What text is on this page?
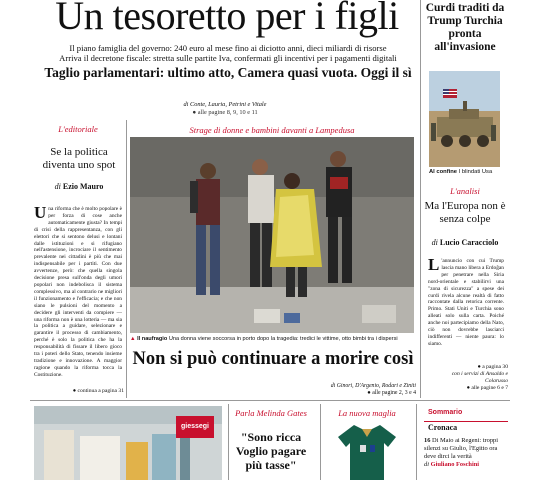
Un tesoretto per i figli
Il piano famiglia del governo: 240 euro al mese fino ai diciotto anni, dieci miliardi di risorse
Arriva il decretone fiscale: stretta sulle partite Iva, confermati gli incentivi per i pagamenti digitali
Taglio parlamentari: ultimo atto, Camera quasi vuota. Oggi il sì
di Conte, Lauria, Petrini e Vitale
● alle pagine 8, 9, 10 e 11
Curdi traditi da Trump Turchia pronta all'invasione
Al confine I blindati Usa
L'analisi
Ma l'Europa non è senza colpe
di Lucio Caracciolo
L 'annuncio con cui Trump lascia mano libera a Erdoğan per penetrare nella Siria nord-orientale e stabilirvi una "zona di sicurezza" a spese dei curdi rivela alcune realtà di fatto raccontate dalla retorica corrente. Primo. Stati Uniti e Turchia sono alleati solo sulla carta. Poiché anche noi partecipiamo della Nato, ciò non dovrebbe lasciarci indifferenti — niente paura: lo siamo.
● a pagina 30
con i servizi di Ansaldo e Colarusso
● alle pagine 6 e 7
L'editoriale
Se la politica diventa uno spot
di Ezio Mauro
U na riforma che è molto popolare è per forza di cose anche automaticamente giusta? In tempi di crisi della rappresentanza, con gli elettori che si sentono delusi e lontani dalle istituzioni e si rifugiano nell'astensione, incrociare il sentimento prevalente nei cittadini è più che mai indispensabile per i partiti. Con due avvertenze, però: che quella singola decisione presa sull'onda degli umori popolari non indebolisca il sistema complessivo, ma al contrario ne migliori il funzionamento e l'efficacia; e che non siano le pulsioni del momento a decidere gli interventi da compiere — una riforma non è una lotteria — ma sia la politica a guidare, selezionare e garantire il processo di cambiamento, perché è solo la politica che ha la responsabilità di fissare il libero gioco tra i poteri dello Stato, tenendo insieme tradizione e innovazione. A maggior ragione quando la riforma tocca la Costituzione.
● continua a pagina 31
Strage di donne e bambini davanti a Lampedusa
▲ Il naufragio Una donna viene soccorsa in porto dopo la tragedia: tredici le vittime, otto bimbi tra i dispersi
Non si può continuare a morire così
di Ginori, D'Argenio, Rodari e Ziniti
● alle pagine 2, 3 e 4
giessegi
Parla Melinda Gates
"Sono ricca Voglio pagare più tasse"
La nuova maglia	Sommario
Cronaca
16 Di Maio ai Regeni: troppi silenzi su Giulio, l'Egitto ora deve dirci la verità
di Giuliano Foschini
